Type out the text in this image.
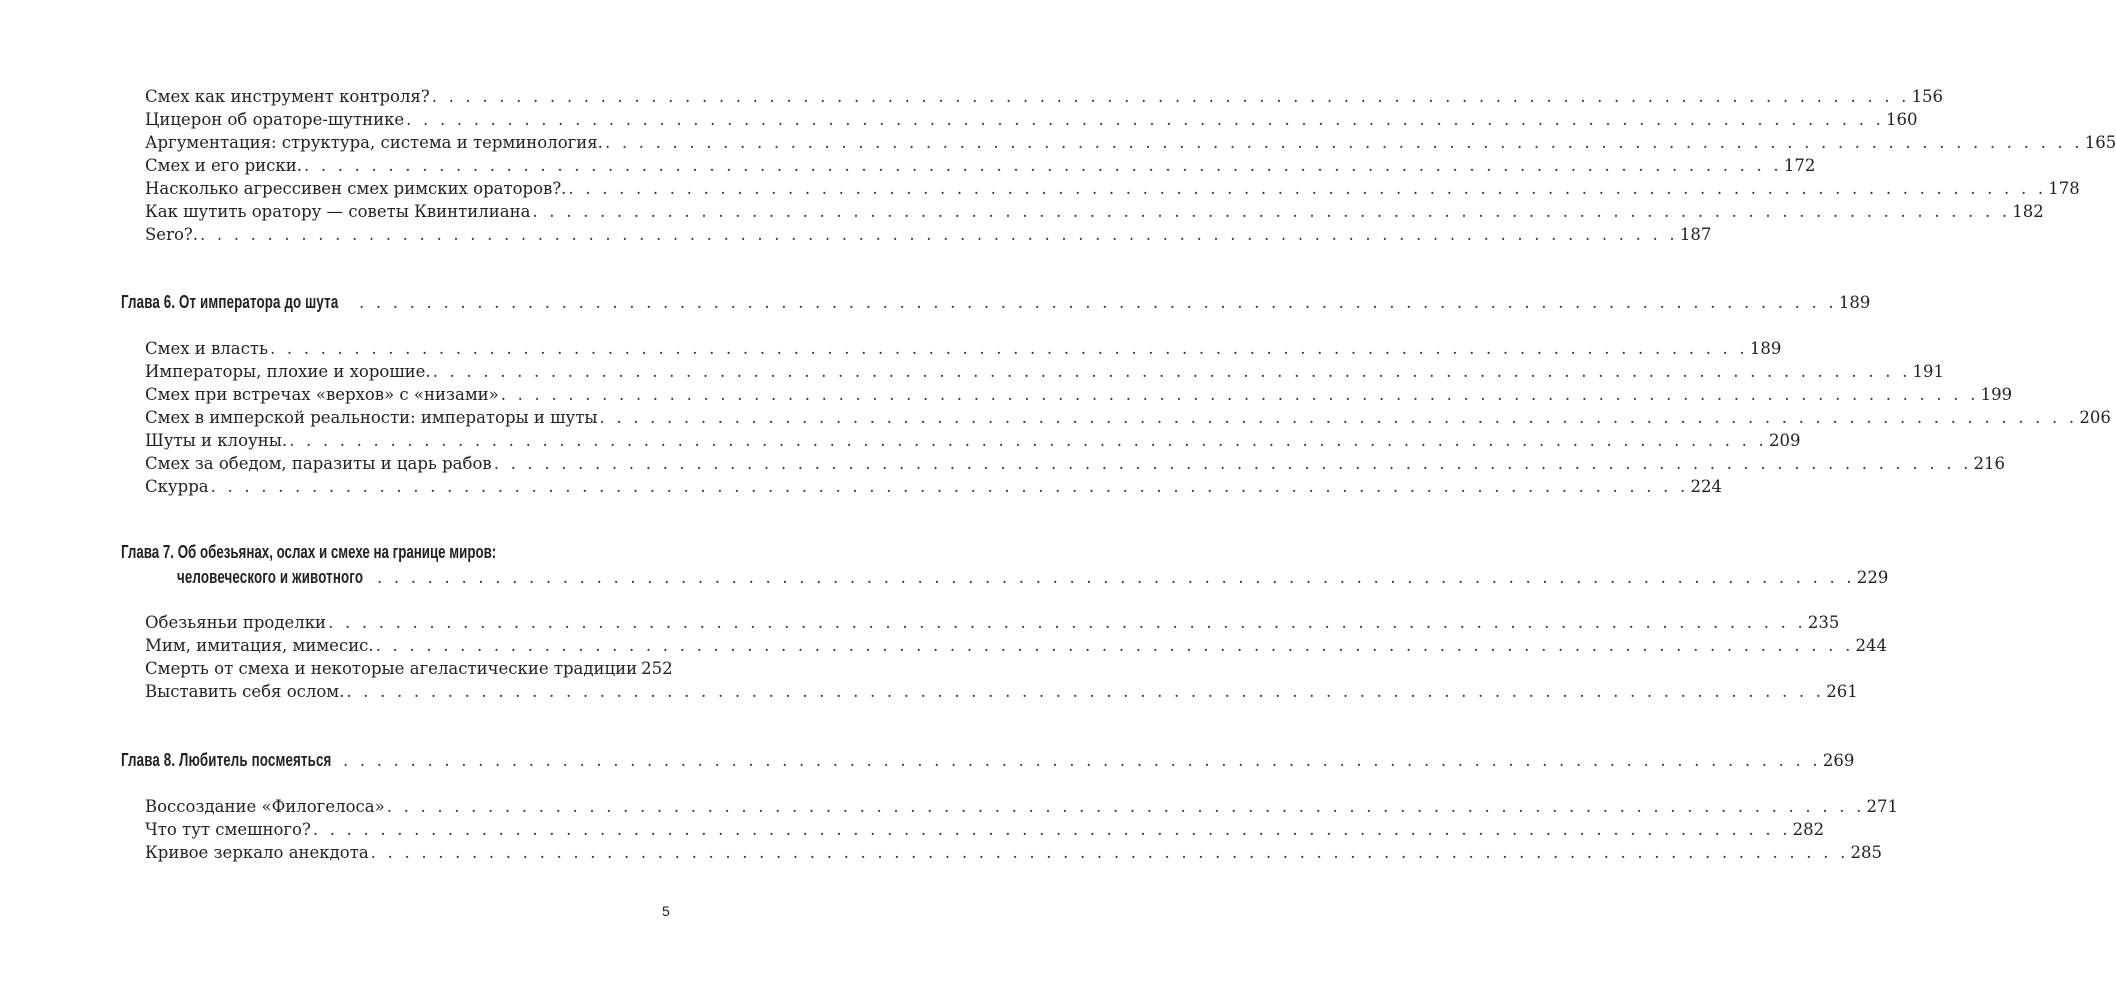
Смех как инструмент контроля? . . .	156
Цицерон об ораторе-шутнике . . .	160
Аргументация: структура, система и терминология. . . .	165
Смех и его риски. . . .	172
Насколько агрессивен смех римских ораторов?. . . .	178
Как шутить оратору — советы Квинтилиана . . .	182
Sero?. . . .	187
Глава 6. От императора до шута . . .	189
Смех и власть . . .	189
Императоры, плохие и хорошие. . . .	191
Смех при встречах «верхов» с «низами» . . .	199
Смех в имперской реальности: императоры и шуты . . .	206
Шуты и клоуны. . . .	209
Смех за обедом, паразиты и царь рабов . . .	216
Скурра . . .	224
Глава 7. Об обезьянах, ослах и смехе на границе миров:
человеческого и животного . . .	229
Обезьяньи проделки . . .	235
Мим, имитация, мимесис. . . .	244
Смерть от смеха и некоторые агеластические традиции 252
Выставить себя ослом. . . .	261
Глава 8. Любитель посмеяться . . .	269
Воссоздание «Филогелоса» . . .	271
Что тут смешного? . . .	282
Кривое зеркало анекдота . . .	285
5
